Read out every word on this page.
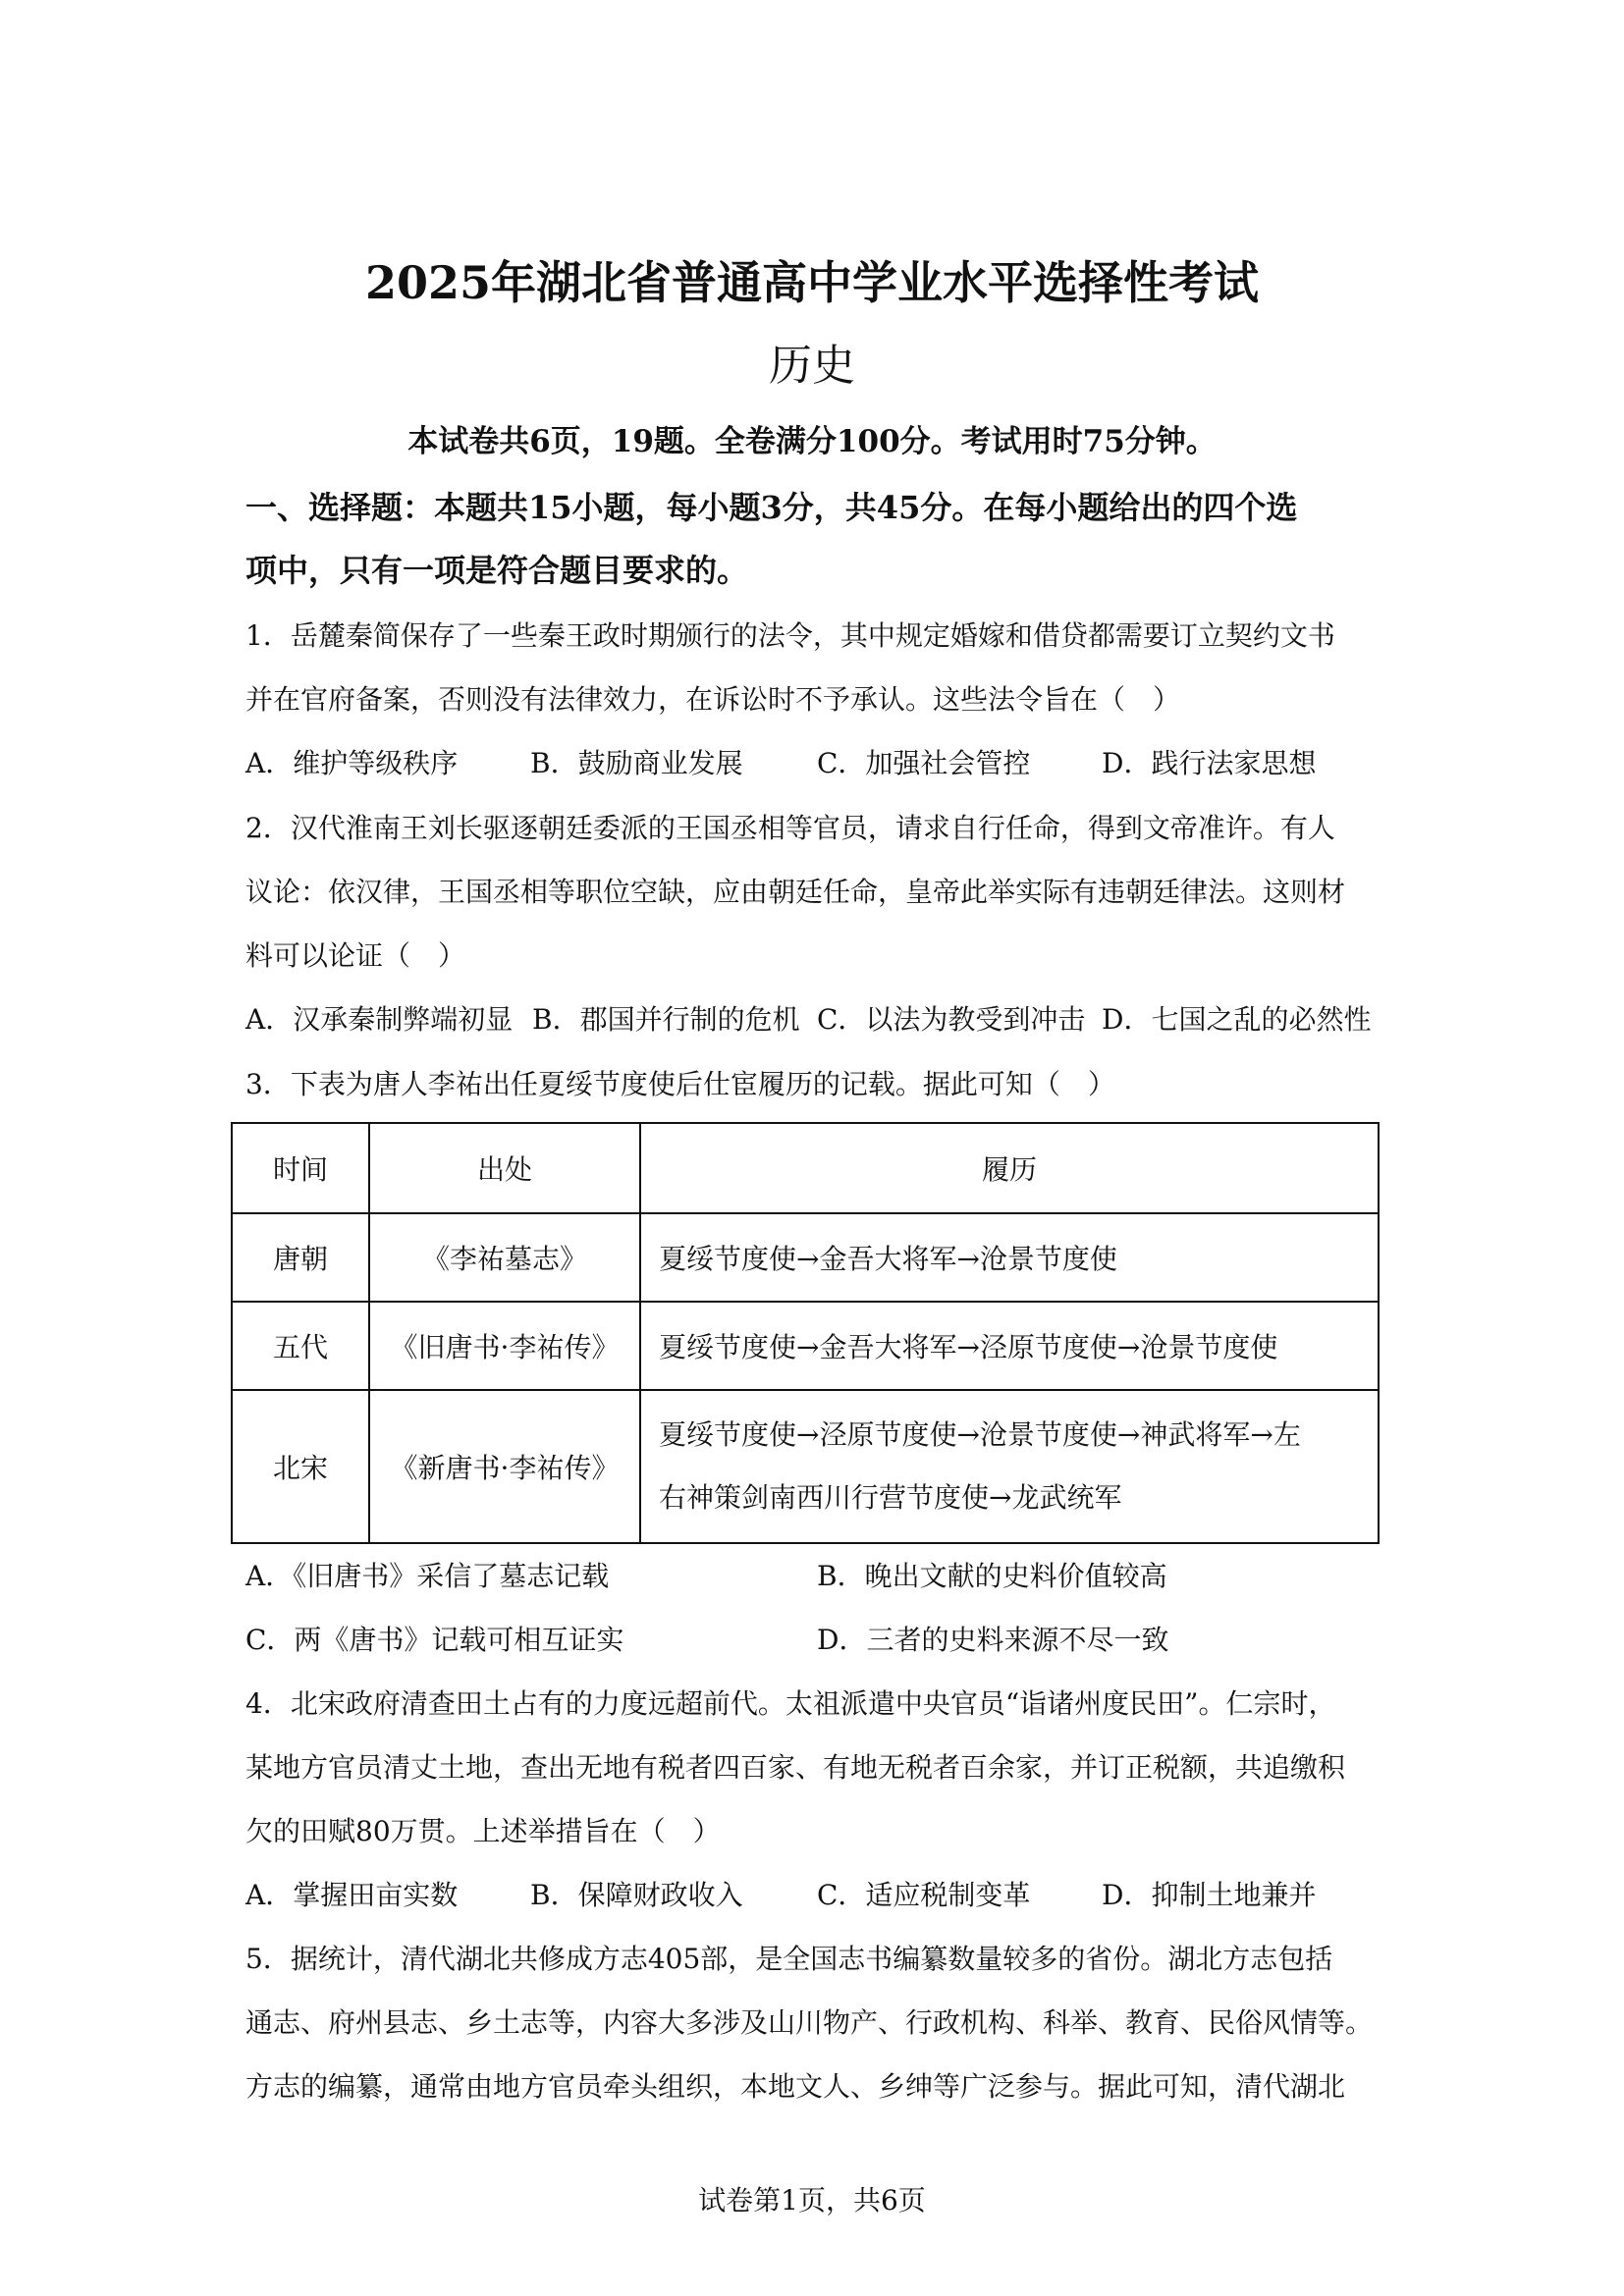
2025年湖北省普通高中学业水平选择性考试
历史
本试卷共6页，19题。全卷满分100分。考试用时75分钟。
一、选择题：本题共15小题，每小题3分，共45分。在每小题给出的四个选
项中，只有一项是符合题目要求的。
1．岳麓秦简保存了一些秦王政时期颁行的法令，其中规定婚嫁和借贷都需要订立契约文书
并在官府备案，否则没有法律效力，在诉讼时不予承认。这些法令旨在（　）
A．维护等级秩序	B．鼓励商业发展	C．加强社会管控	D．践行法家思想
2．汉代淮南王刘长驱逐朝廷委派的王国丞相等官员，请求自行任命，得到文帝准许。有人
议论：依汉律，王国丞相等职位空缺，应由朝廷任命，皇帝此举实际有违朝廷律法。这则材
料可以论证（　）
A．汉承秦制弊端初显 B．郡国并行制的危机 C．以法为教受到冲击 D．七国之乱的必然性
3．下表为唐人李祐出任夏绥节度使后仕宦履历的记载。据此可知（　）
时间	出处	履历
唐朝	《李祐墓志》	夏绥节度使→金吾大将军→沧景节度使
五代	《旧唐书·李祐传》	夏绥节度使→金吾大将军→泾原节度使→沧景节度使
北宋	《新唐书·李祐传》	夏绥节度使→泾原节度使→沧景节度使→神武将军→左
右神策剑南西川行营节度使→龙武统军
A．《旧唐书》采信了墓志记载	B．晚出文献的史料价值较高
C．两《唐书》记载可相互证实	D．三者的史料来源不尽一致
4．北宋政府清查田土占有的力度远超前代。太祖派遣中央官员“诣诸州度民田”。仁宗时，
某地方官员清丈土地，查出无地有税者四百家、有地无税者百余家，并订正税额，共追缴积
欠的田赋80万贯。上述举措旨在（　）
A．掌握田亩实数	B．保障财政收入	C．适应税制变革	D．抑制土地兼并
5．据统计，清代湖北共修成方志405部，是全国志书编纂数量较多的省份。湖北方志包括
通志、府州县志、乡土志等，内容大多涉及山川物产、行政机构、科举、教育、民俗风情等。
方志的编纂，通常由地方官员牵头组织，本地文人、乡绅等广泛参与。据此可知，清代湖北
试卷第1页，共6页
